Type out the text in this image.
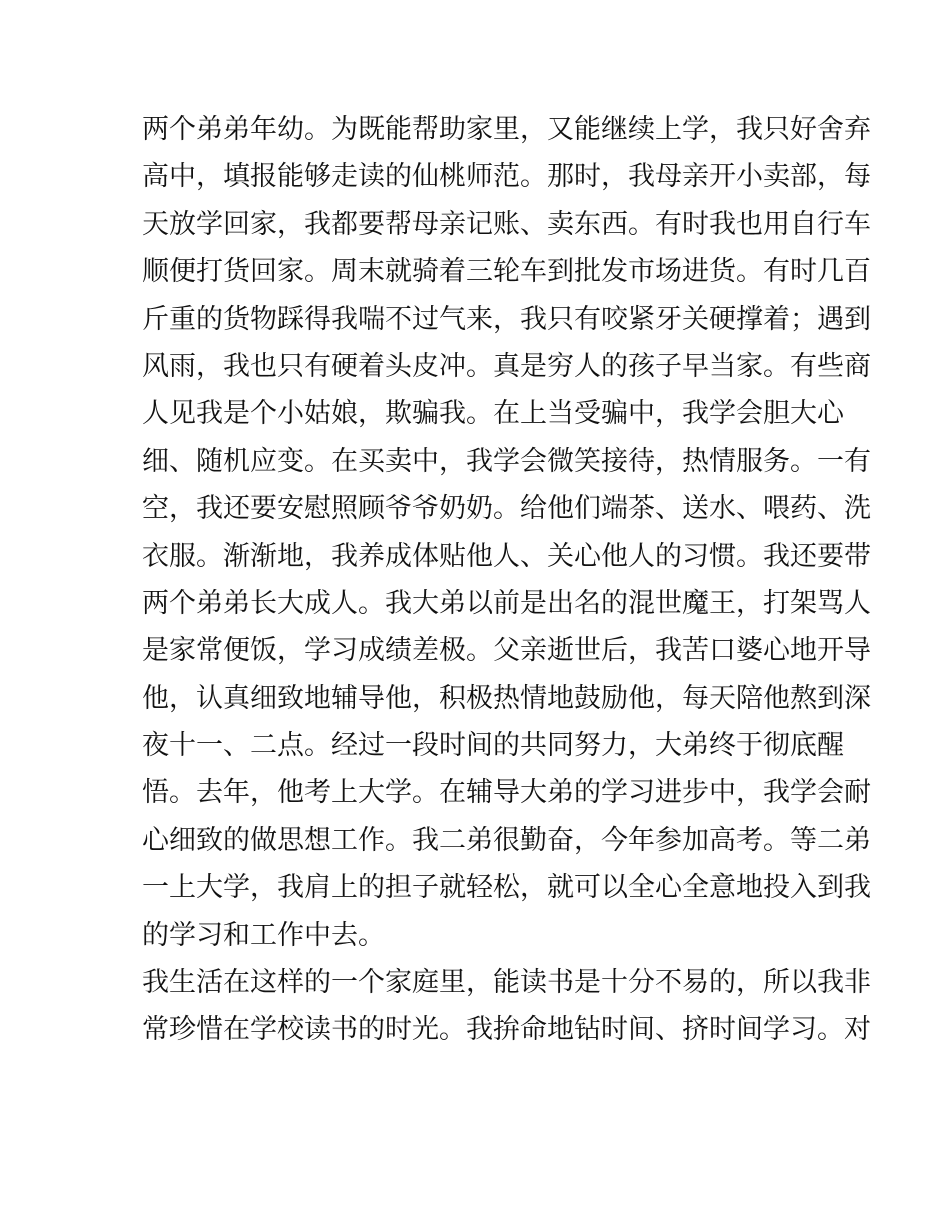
两个弟弟年幼。为既能帮助家里，又能继续上学，我只好舍弃
高中，填报能够走读的仙桃师范。那时，我母亲开小卖部，每
天放学回家，我都要帮母亲记账、卖东西。有时我也用自行车
顺便打货回家。周末就骑着三轮车到批发市场进货。有时几百
斤重的货物踩得我喘不过气来，我只有咬紧牙关硬撑着；遇到
风雨，我也只有硬着头皮冲。真是穷人的孩子早当家。有些商
人见我是个小姑娘，欺骗我。在上当受骗中，我学会胆大心
细、随机应变。在买卖中，我学会微笑接待，热情服务。一有
空，我还要安慰照顾爷爷奶奶。给他们端茶、送水、喂药、洗
衣服。渐渐地，我养成体贴他人、关心他人的习惯。我还要带
两个弟弟长大成人。我大弟以前是出名的混世魔王，打架骂人
是家常便饭，学习成绩差极。父亲逝世后，我苦口婆心地开导
他，认真细致地辅导他，积极热情地鼓励他，每天陪他熬到深
夜十一、二点。经过一段时间的共同努力，大弟终于彻底醒
悟。去年，他考上大学。在辅导大弟的学习进步中，我学会耐
心细致的做思想工作。我二弟很勤奋，今年参加高考。等二弟
一上大学，我肩上的担子就轻松，就可以全心全意地投入到我
的学习和工作中去。
我生活在这样的一个家庭里，能读书是十分不易的，所以我非
常珍惜在学校读书的时光。我拚命地钻时间、挤时间学习。对
